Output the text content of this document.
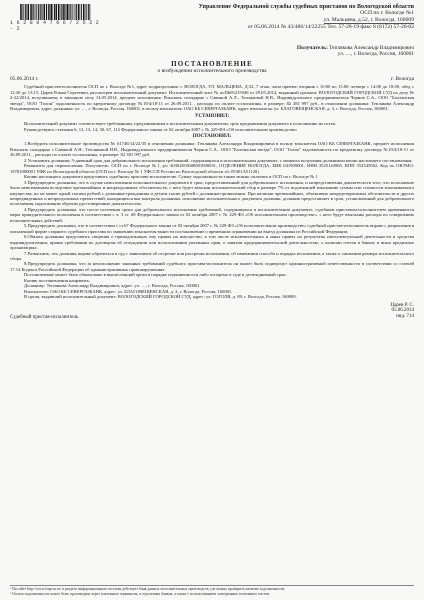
1 6 2 8 0 4 7 6 6 / 2 5 2 2 - 2
Управление Федеральной службы судебных приставов по Вологодской области
ОСП по г. Вологде №1
ул. Мальцева, д.52, г. Вологда, 160009
от 05.06.2014 № 43/486/14/22255 Тел. 57-20-19 факс 8 (8172) 57-20-02
Получатель: Теплякова Александр Владимирович
ул. …, г. Вологда, Россия, 160001
ПОСТАНОВЛЕНИЕ
о возбуждении исполнительного производства
05.06.2014 г.	г. Вологда

Судебный пристав-исполнитель ОСП по г. Вологде №1, адрес подразделения: г. ВОЛОГДА, УЛ. МАЛЬЦЕВА, Д.52, 7 этаж, часы приема: вторник с 10:00 по 15:00, четверг с 14:00 до 18:00, обед с 12:30 до 13:15, Царев Роман Сергеевич, рассмотрев исполнительный документ: Исполнительный лист № исDb05215948 от 29.05.2014, выданный органом: ВОЛОГОДСКИЙ ГОРОДСКОЙ СУД по делу № 2-22/2014, вступившему в законную силу 14.05.2014, предмет исполнения: Взыскать солидарно с Савиной А.Л., Тепляковой Н.В., Индивидуального предпринимателя Чернов С.А., ООО "Балтанская звезда", ООО "Голон" задолженность по кредитному договору №19/4/18-11 от 26.09.2011, , расходы по оплате госпошлины, в размере: 82 381 997 руб., в отношении должника: Теплякова Александр Владимирович, адрес должника: ул. …, г. Вологда, Россия, 160001, в пользу взыскателя: ОАО КБ СЕВЕРГАЗБАНК, адрес взыскателя: ул. БЛАГОВЕЩЕНСКАЯ, д. 3, г. Вологда, Россия, 160001,

УСТАНОВИЛ:

Исполнительный документ соответствует требованиям, предъявляемым к исполнительным документам, срок предъявления документа к исполнению не истек.

Руководствуясь статьями 6, 12, 13, 14, 30, 67, 112 Федерального закона от 02 октября 2007 г. № 229-ФЗ «Об исполнительном производстве»

ПОСТАНОВИЛ:

1.Возбудить исполнительное производство № 61746/14/22/35 в отношении должника: Теплякова Александра Владимировича в пользу взыскателя ОАО КБ СЕВЕРГАЗБАНК, предмет исполнения Взыскать солидарно с Савиной А.Н., Тепляковой Н.В., Индивидуального предпринимателя Чернов С.А., ООО "Балтанская звезда", ООО "Голон" задолженность по кредитному договору №19/4/18-11 от 26.09.2011, , расходы по оплате госпошлины, в размере: 82 381 997 руб.

2.Установить должнику 5-дневный срок для добровольного исполнения требований, содержащихся в исполнительном документе, с момента получения должником копии настоящего постановления.

Реквизиты для перечисления: Получатель: ОСП по г. Вологде №1, р/с 40302810600001000031, ОТДЕЛЕНИЕ ВОЛОГДА, БИК 041909001, ИНН 3525144965, КПП 352545002, Код по ОКТМО: 19701000001 УФК по Вологодской области (ОСП по г. Вологде № 1 УФССП России по Вологодской области л/с 05301А51120)

Копию настоящего документа представить судебному приставу-исполнителю. Сумму задолженности также можно оплатить в ОСП по г. Вологде № 1

3.Предупредить должника, что в случае неисполнения исполнительного документа в срок, предоставленный для добровольного исполнения, и непредставления доказательств того, что исполнение было невозможным вследствие чрезвычайных и непреодолимых обстоятельств, с него будет взыскан исполнительский сбор в размере 7% от подлежащей взысканию суммы или стоимости взыскиваемого имущества, но не менее одной тысячи рублей с должника-гражданина и десяти тысяч рублей с должника-организации. При наличии чрезвычайных, объективно непредотвратимых обстоятельств и других непредвиденных и непреодолимых препятствий, находящихся вне контроля должника, исполнение исполнительного документа должник, должник предоставляет в срок, установленный для добровольного исполнения, надлежащим образом удостоверенные доказательства.

4.Предупредить должника, что после истечения срока для добровольного исполнения требований, содержащихся в исполнительном документе, судебным приставом-исполнителем применяются меры принудительного исполнения в соответствии с ч. 3 ст. 68 Федерального закона от 02 октября 2007 г. № 229-ФЗ «Об исполнительном производстве», с него будут взысканы расходы по совершению исполнительных действий.

5.Предупредить должника, что в соответствии с ст.67 Федерального закона от 02 октября 2007 г. № 229-ФЗ «Об исполнительном производстве» судебный пристав-исполнитель вправе с разрешения в письменной форме старшего судебного пристава по заявлению взыскателя вынести постановление о временном ограничении на выезд должника из Российской Федерации.

6.Обязать должника представить сведения о принадлежащих ему правах на имущество, в том числе исключительных и иных правах на результаты интеллектуальной деятельности и средства индивидуализации, правах требования по договорам об отчуждении или использовании указанных прав, о занятии предпринимательской деятельностью, о наличии счетов в банках и иных кредитных организациях.

7.Разъяснить, что должник вправе обратиться в суд с заявлением об отсрочке или рассрочке исполнения, об изменении способа и порядка исполнения, а также о снижении размера исполнительского сбора.

8.Предупредить должника, что за неисполнение законных требований судебного пристава-исполнителя он может быть подвергнут административной ответственности в соответствии со статьей 17.14 Кодекса Российской Федерации об административных правонарушениях.

Постановление может быть обжаловано в вышестоящий орган в порядке подчиненности либо оспорено в суде в десятидневный срок.

Копию постановления направить:

Должнику: Теплякова Александр Владимирович, адрес: ул. …, г. Вологда, Россия, 160001.

Взыскателю: ОАО КБ СЕВЕРГАЗБАНК, адрес: ул. БЛАГОВЕЩЕНСКАЯ, д. 3, г. Вологда, Россия, 160001.

В орган, выдавший исполнительный документ: ВОЛОГОДСКИЙ ГОРОДСКОЙ СУД, адрес: ул. ГОГОЛЯ, д. 89, г. Вологда, Россия, 160000.

Судебный пристав-исполнитель
Царев Р. С.
05.06.2014
инд. 714
¹ На сайте http://www.fssprus.ru/ в разделе информационные системы действует банк данных исполнительных производств, где можно проверить наличие задолженности.
² Оплата задолженности может быть произведена через платежные терминалы, в отделениях банков, а также с использованием электронных платежных систем.
